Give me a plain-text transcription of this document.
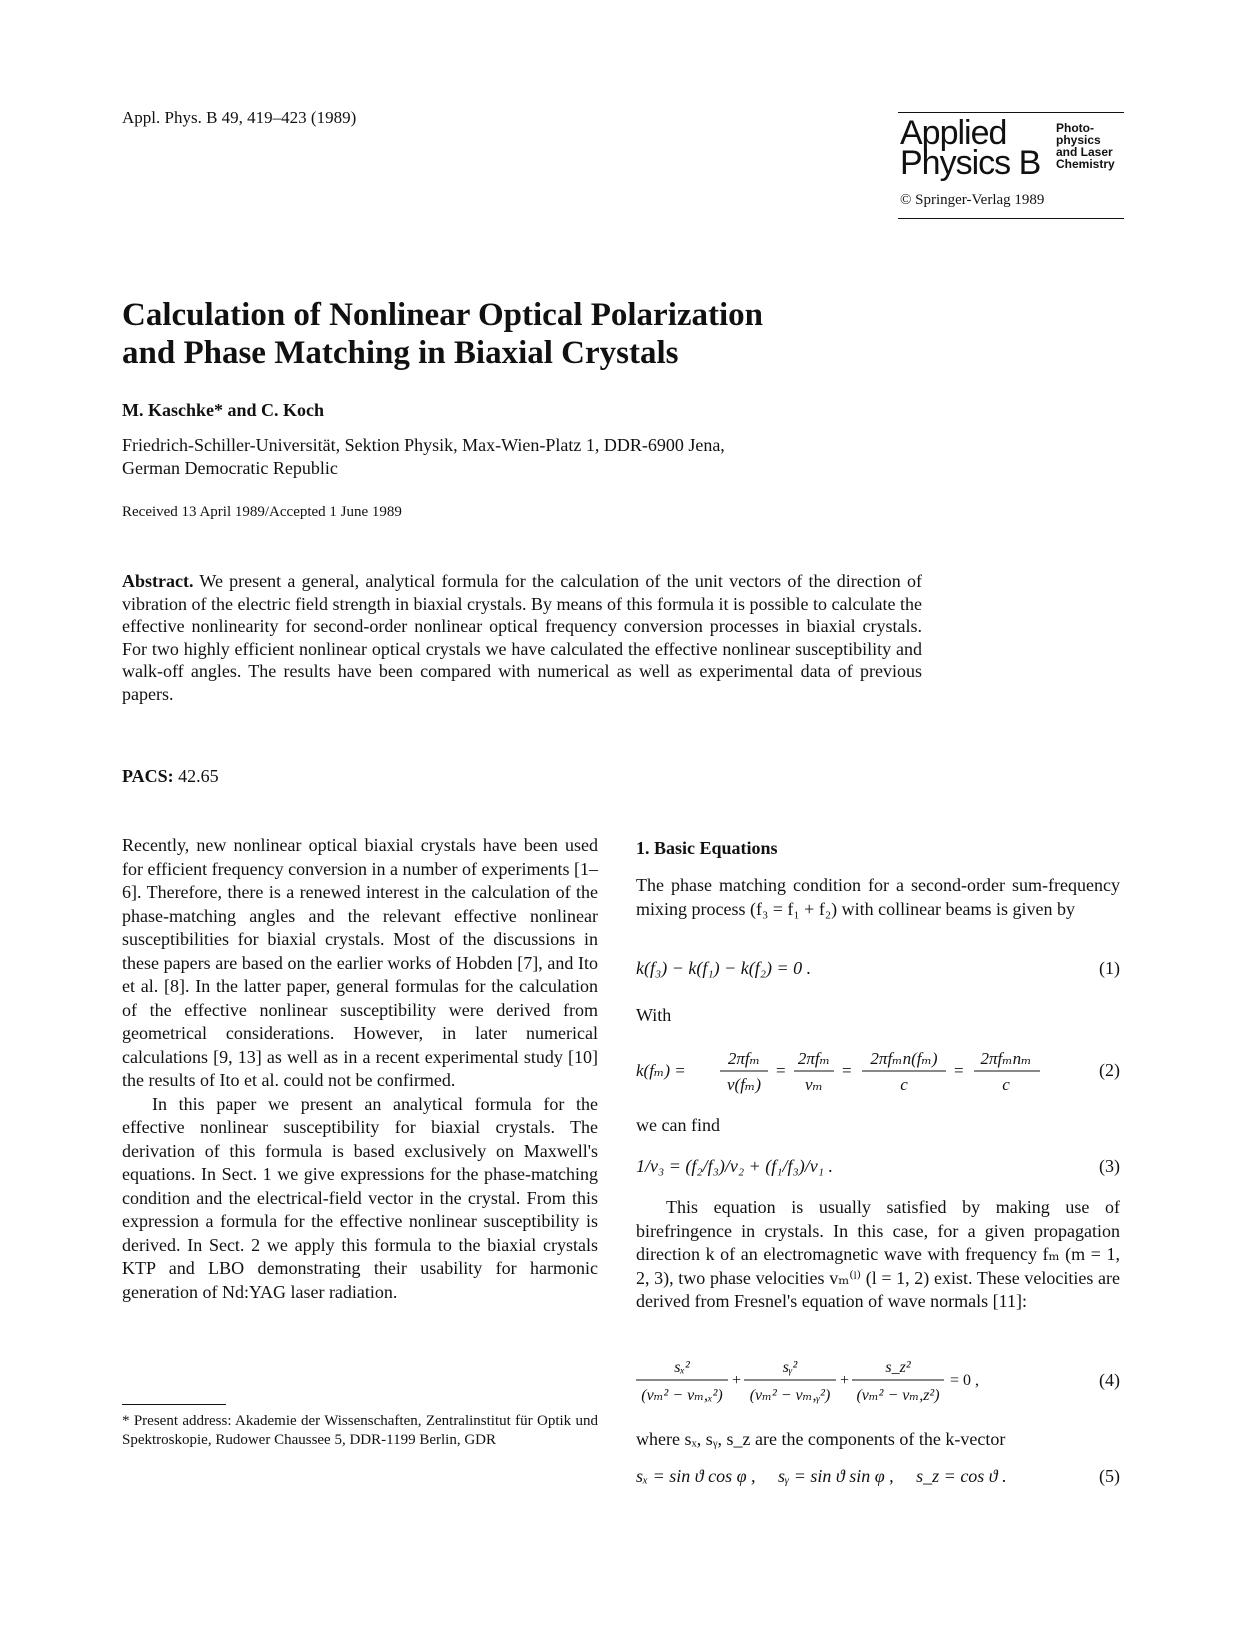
Appl. Phys. B 49, 419–423 (1989)	Applied
Physics B
Photo-
physics
and Laser
Chemistry
© Springer-Verlag 1989
Calculation of Nonlinear Optical Polarization
and Phase Matching in Biaxial Crystals
M. Kaschke* and C. Koch
Friedrich-Schiller-Universität, Sektion Physik, Max-Wien-Platz 1, DDR-6900 Jena,
German Democratic Republic
Received 13 April 1989/Accepted 1 June 1989
Abstract. We present a general, analytical formula for the calculation of the unit vectors of the direction of vibration of the electric field strength in biaxial crystals. By means of this formula it is possible to calculate the effective nonlinearity for second-order nonlinear optical frequency conversion processes in biaxial crystals. For two highly efficient nonlinear optical crystals we have calculated the effective nonlinear susceptibility and walk-off angles. The results have been compared with numerical as well as experimental data of previous papers.
PACS: 42.65

Recently, new nonlinear optical biaxial crystals have been used for efficient frequency conversion in a number of experiments [1–6]. Therefore, there is a renewed interest in the calculation of the phase-matching angles and the relevant effective nonlinear susceptibilities for biaxial crystals. Most of the discussions in these papers are based on the earlier works of Hobden [7], and Ito et al. [8]. In the latter paper, general formulas for the calculation of the effective nonlinear susceptibility were derived from geometrical considerations. However, in later numerical calculations [9, 13] as well as in a recent experimental study [10] the results of Ito et al. could not be confirmed.

In this paper we present an analytical formula for the effective nonlinear susceptibility for biaxial crystals. The derivation of this formula is based exclusively on Maxwell's equations. In Sect. 1 we give expressions for the phase-matching condition and the electrical-field vector in the crystal. From this expression a formula for the effective nonlinear susceptibility is derived. In Sect. 2 we apply this formula to the biaxial crystals KTP and LBO demonstrating their usability for harmonic generation of Nd:YAG laser radiation.

* Present address: Akademie der Wissenschaften, Zentralinstitut für Optik und Spektroskopie, Rudower Chaussee 5, DDR-1199 Berlin, GDR
1. Basic Equations
The phase matching condition for a second-order sum-frequency mixing process (f₃ = f₁ + f₂) with collinear beams is given by
k(f₃) − k(f₁) − k(f₂) = 0 .	(1)
With
k(fₘ) =
2πfₘ
v(fₘ)
=
2πfₘ
vₘ
=
2πfₘn(fₘ)
c
=
2πfₘnₘ
c
(2)
we can find
1/v₃ = (f₂/f₃)/v₂ + (f₁/f₃)/v₁ .	(3)
This equation is usually satisfied by making use of birefringence in crystals. In this case, for a given propagation direction k of an electromagnetic wave with frequency fₘ (m = 1, 2, 3), two phase velocities vₘ⁽ˡ⁾ (l = 1, 2) exist. These velocities are derived from Fresnel's equation of wave normals [11]:
sₓ²
(vₘ² − vₘ,ₓ²)
+
sᵧ²
(vₘ² − vₘ,ᵧ²)
+
s_z²
(vₘ² − vₘ,z²)
= 0 ,	(4)
where sₓ, sᵧ, s_z are the components of the k-vector
sₓ = sin ϑ cos φ ,     sᵧ = sin ϑ sin φ ,     s_z = cos ϑ .	(5)
